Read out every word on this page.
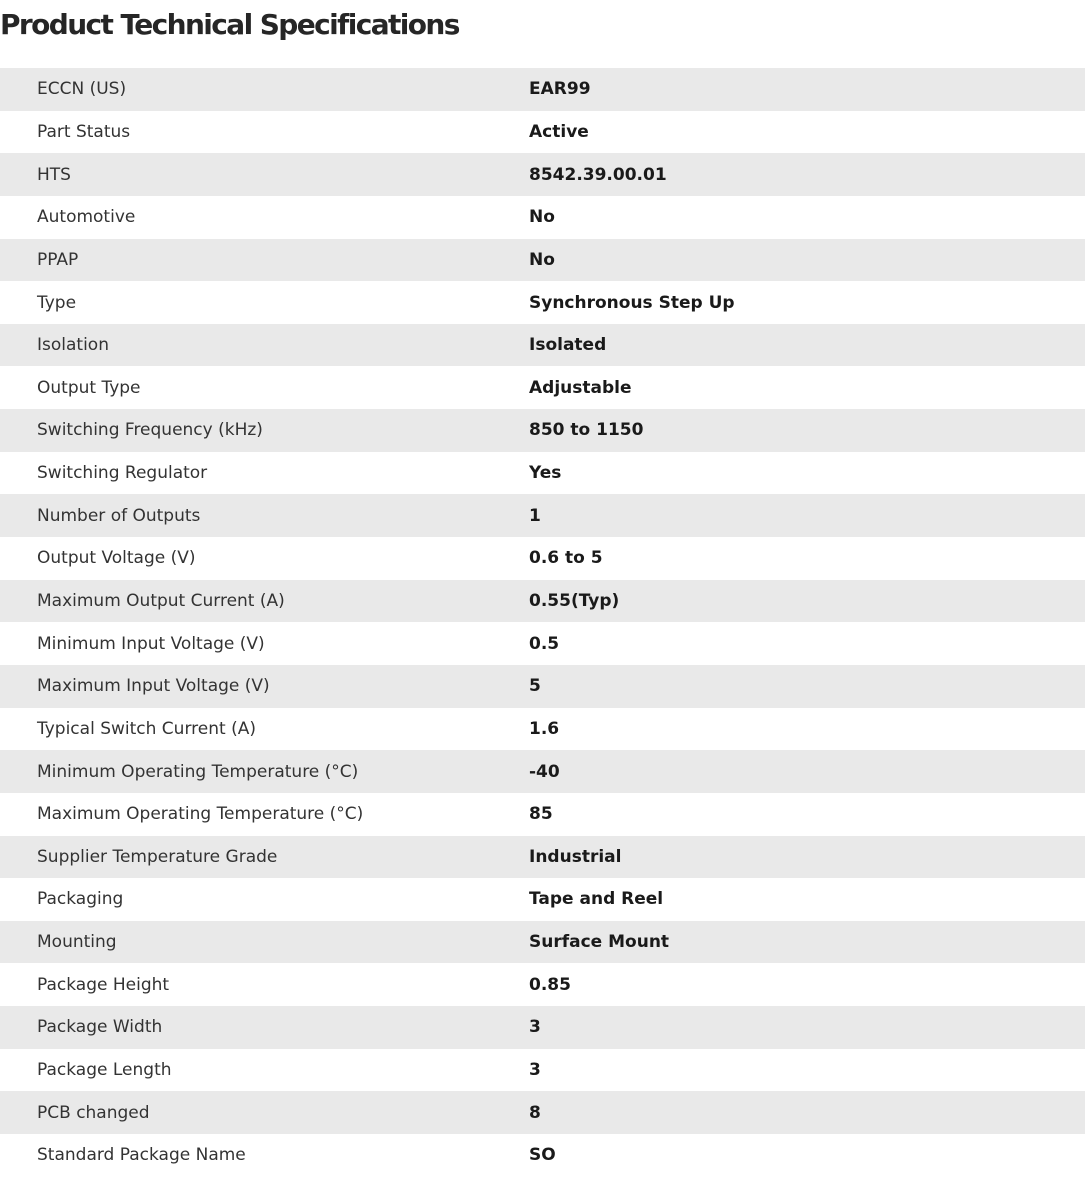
Product Technical Specifications
ECCN (US)	EAR99
Part Status	Active
HTS	8542.39.00.01
Automotive	No
PPAP	No
Type	Synchronous Step Up
Isolation	Isolated
Output Type	Adjustable
Switching Frequency (kHz)	850 to 1150
Switching Regulator	Yes
Number of Outputs	1
Output Voltage (V)	0.6 to 5
Maximum Output Current (A)	0.55(Typ)
Minimum Input Voltage (V)	0.5
Maximum Input Voltage (V)	5
Typical Switch Current (A)	1.6
Minimum Operating Temperature (°C)	-40
Maximum Operating Temperature (°C)	85
Supplier Temperature Grade	Industrial
Packaging	Tape and Reel
Mounting	Surface Mount
Package Height	0.85
Package Width	3
Package Length	3
PCB changed	8
Standard Package Name	SO
